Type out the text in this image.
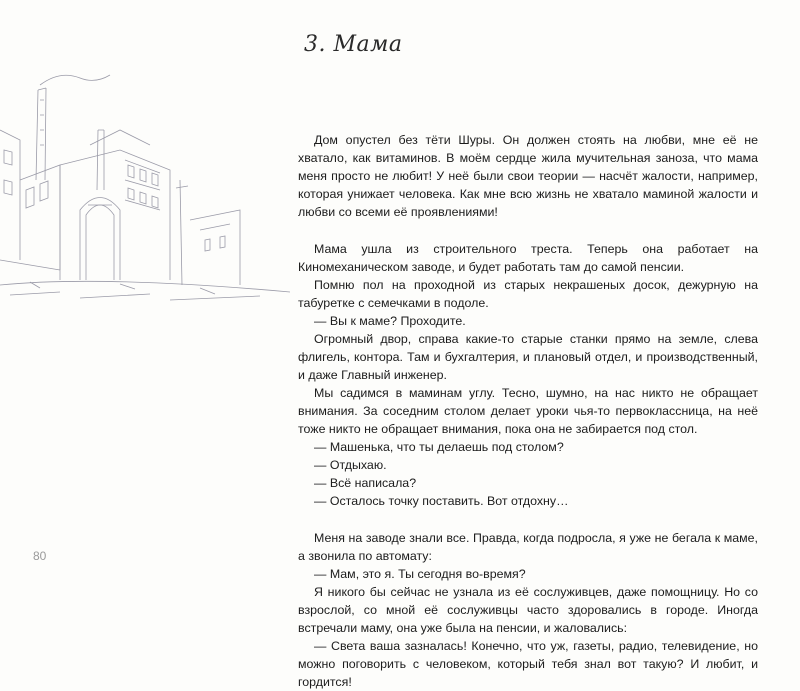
3. Мама

Дом опустел без тёти Шуры. Он должен стоять на любви, мне её не хватало, как витаминов. В моём сердце жила мучительная заноза, что мама меня просто не любит! У неё были свои теории — насчёт жалости, например, которая унижает человека. Как мне всю жизнь не хватало маминой жалости и любви со всеми её проявлениями!

Мама ушла из строительного треста. Теперь она работает на Киномеханическом заводе, и будет работать там до самой пенсии.

Помню пол на проходной из старых некрашеных досок, дежурную на табуретке с семечками в подоле.

— Вы к маме? Проходите.

Огромный двор, справа какие-то старые станки прямо на земле, слева флигель, контора. Там и бухгалтерия, и плановый отдел, и производственный, и даже Главный инженер.

Мы садимся в маминам углу. Тесно, шумно, на нас никто не обращает внимания. За соседним столом делает уроки чья-то первоклассница, на неё тоже никто не обращает внимания, пока она не забирается под стол.

— Машенька, что ты делаешь под столом?

— Отдыхаю.

— Всё написала?

— Осталось точку поставить. Вот отдохну…

Меня на заводе знали все. Правда, когда подросла, я уже не бегала к маме, а звонила по автомату:

— Мам, это я. Ты сегодня во-время?

Я никого бы сейчас не узнала из её сослуживцев, даже помощницу. Но со взрослой, со мной её сослуживцы часто здоровались в городе. Иногда встречали маму, она уже была на пенсии, и жаловались:

— Света ваша зазналась! Конечно, что уж, газеты, радио, телевидение, но можно поговорить с человеком, который тебя знал вот такую? И любит, и гордится!

80
